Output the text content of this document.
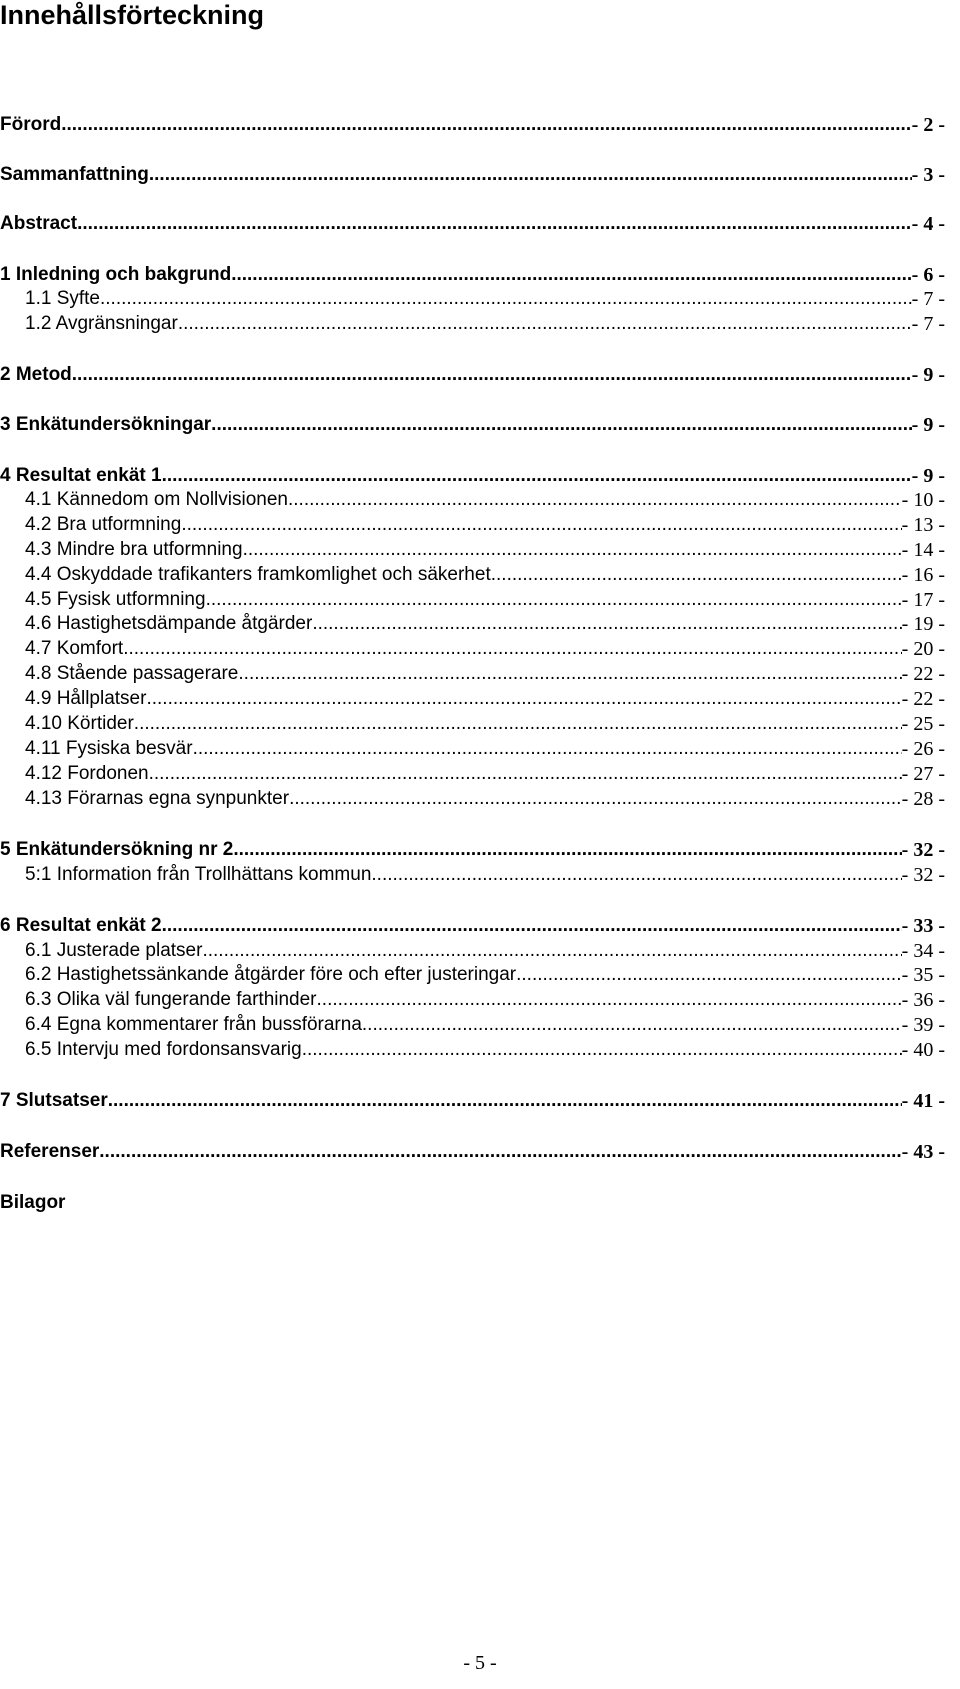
Innehållsförteckning
Förord .....	- 2 -
Sammanfattning .....	- 3 -
Abstract .....	- 4 -
1 Inledning och bakgrund .....	- 6 -
1.1 Syfte .....	- 7 -
1.2 Avgränsningar .....	- 7 -
2 Metod .....	- 9 -
3 Enkätundersökningar .....	- 9 -
4 Resultat enkät 1 .....	- 9 -
4.1 Kännedom om Nollvisionen .....	- 10 -
4.2 Bra utformning .....	- 13 -
4.3 Mindre bra utformning .....	- 14 -
4.4 Oskyddade trafikanters framkomlighet och säkerhet .....	- 16 -
4.5 Fysisk utformning .....	- 17 -
4.6 Hastighetsdämpande åtgärder .....	- 19 -
4.7 Komfort .....	- 20 -
4.8 Stående passagerare .....	- 22 -
4.9 Hållplatser .....	- 22 -
4.10 Körtider .....	- 25 -
4.11 Fysiska besvär .....	- 26 -
4.12 Fordonen .....	- 27 -
4.13 Förarnas egna synpunkter .....	- 28 -
5 Enkätundersökning nr 2 .....	- 32 -
5:1 Information från Trollhättans kommun .....	- 32 -
6 Resultat enkät 2 .....	- 33 -
6.1 Justerade platser .....	- 34 -
6.2 Hastighetssänkande åtgärder före och efter justeringar .....	- 35 -
6.3 Olika väl fungerande farthinder .....	- 36 -
6.4 Egna kommentarer från bussförarna .....	- 39 -
6.5 Intervju med fordonsansvarig .....	- 40 -
7 Slutsatser .....	- 41 -
Referenser .....	- 43 -
Bilagor
- 5 -
